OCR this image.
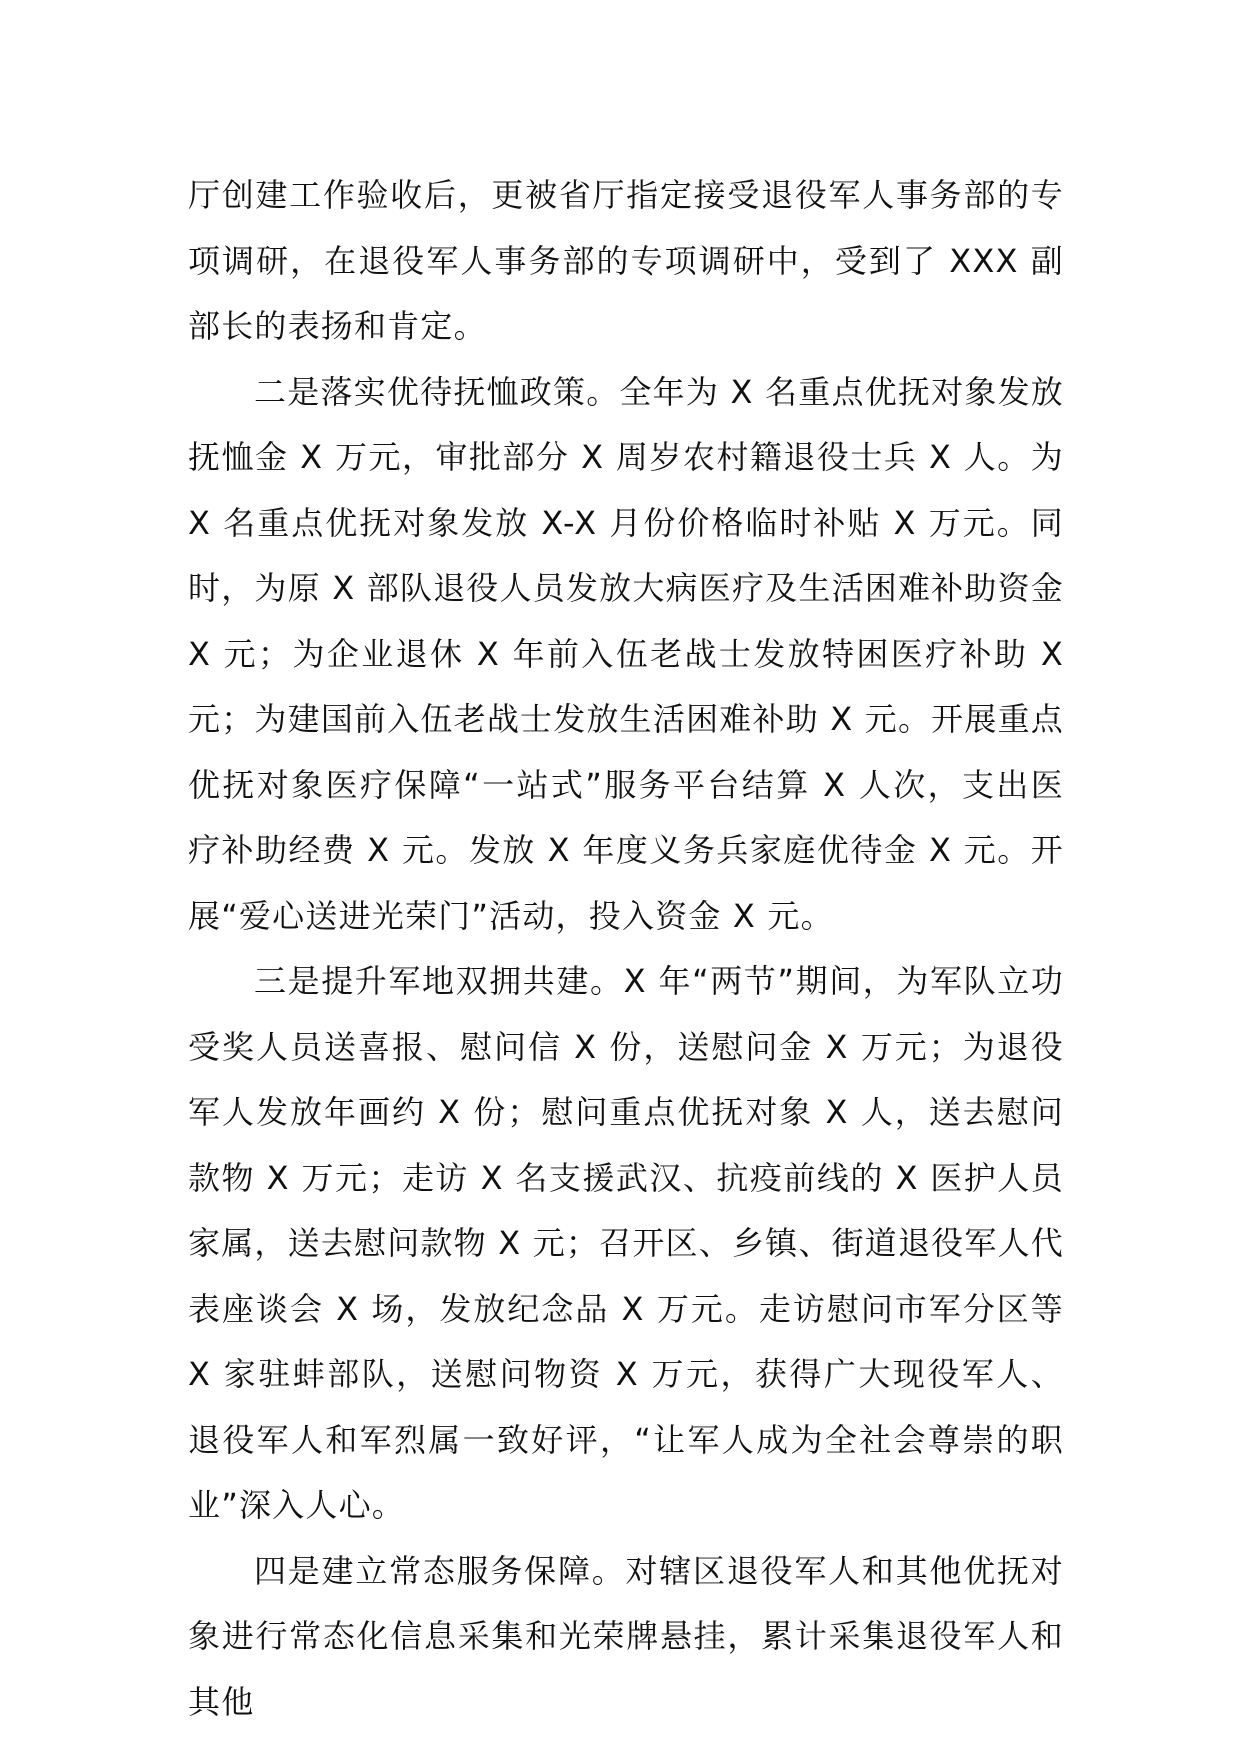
厅创建工作验收后，更被省厅指定接受退役军人事务部的专项调研，在退役军人事务部的专项调研中，受到了 XXX 副部长的表扬和肯定。

二是落实优待抚恤政策。全年为 X 名重点优抚对象发放抚恤金 X 万元，审批部分 X 周岁农村籍退役士兵 X 人。为 X 名重点优抚对象发放 X-X 月份价格临时补贴 X 万元。同时，为原 X 部队退役人员发放大病医疗及生活困难补助资金 X 元；为企业退休 X 年前入伍老战士发放特困医疗补助 X 元；为建国前入伍老战士发放生活困难补助 X 元。开展重点优抚对象医疗保障“一站式”服务平台结算 X 人次，支出医疗补助经费 X 元。发放 X 年度义务兵家庭优待金 X 元。开展“爱心送进光荣门”活动，投入资金 X 元。

三是提升军地双拥共建。X 年“两节”期间，为军队立功受奖人员送喜报、慰问信 X 份，送慰问金 X 万元；为退役军人发放年画约 X 份；慰问重点优抚对象 X 人，送去慰问款物 X 万元；走访 X 名支援武汉、抗疫前线的 X 医护人员家属，送去慰问款物 X 元；召开区、乡镇、街道退役军人代表座谈会 X 场，发放纪念品 X 万元。走访慰问市军分区等 X 家驻蚌部队，送慰问物资 X 万元，获得广大现役军人、退役军人和军烈属一致好评，“让军人成为全社会尊崇的职业”深入人心。

四是建立常态服务保障。对辖区退役军人和其他优抚对象进行常态化信息采集和光荣牌悬挂，累计采集退役军人和其他
